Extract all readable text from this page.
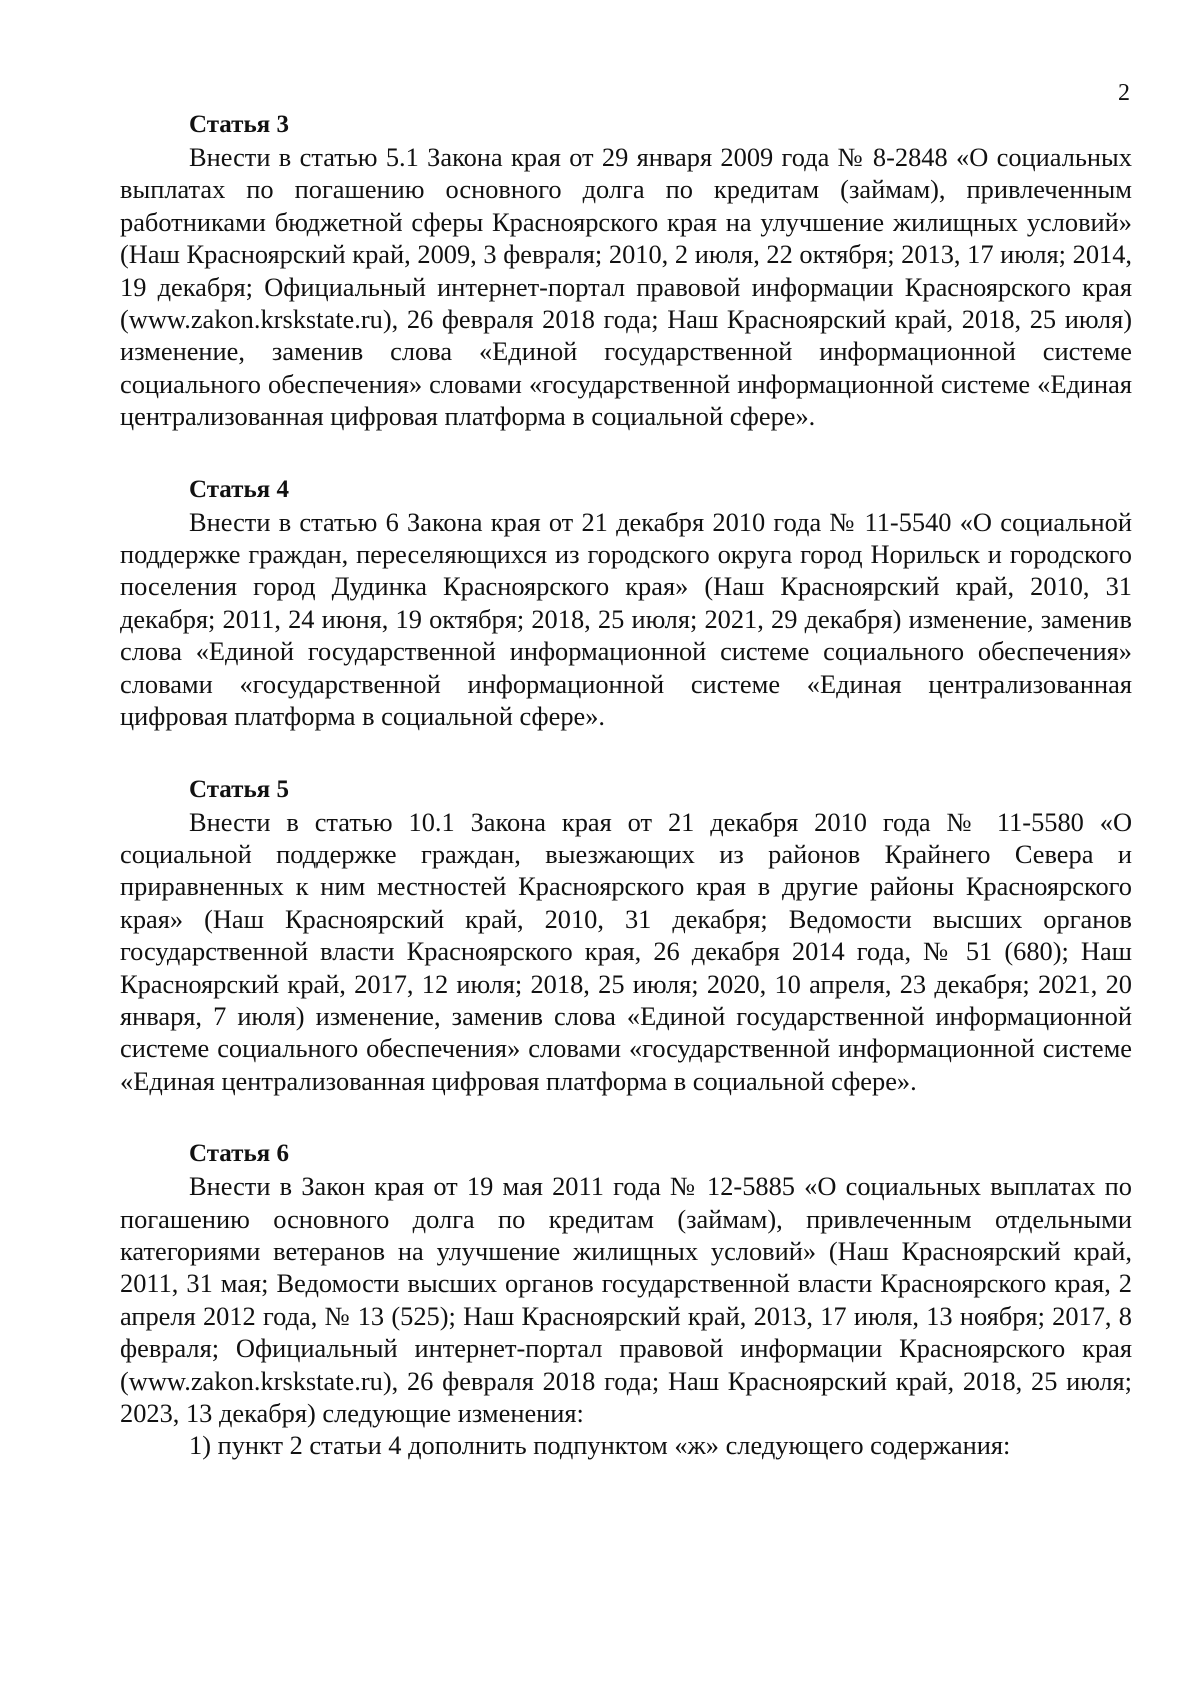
2
Статья 3

Внести в статью 5.1 Закона края от 29 января 2009 года № 8-2848 «О социальных выплатах по погашению основного долга по кредитам (займам), привлеченным работниками бюджетной сферы Красноярского края на улучшение жилищных условий» (Наш Красноярский край, 2009, 3 февраля; 2010, 2 июля, 22 октября; 2013, 17 июля; 2014, 19 декабря; Официальный интернет-портал правовой информации Красноярского края (www.zakon.krskstate.ru), 26 февраля 2018 года; Наш Красноярский край, 2018, 25 июля) изменение, заменив слова «Единой государственной информационной системе социального обеспечения» словами «государственной информационной системе «Единая централизованная цифровая платформа в социальной сфере».

Статья 4

Внести в статью 6 Закона края от 21 декабря 2010 года № 11-5540 «О социальной поддержке граждан, переселяющихся из городского округа город Норильск и городского поселения город Дудинка Красноярского края» (Наш Красноярский край, 2010, 31 декабря; 2011, 24 июня, 19 октября; 2018, 25 июля; 2021, 29 декабря) изменение, заменив слова «Единой государственной информационной системе социального обеспечения» словами «государственной информационной системе «Единая централизованная цифровая платформа в социальной сфере».

Статья 5

Внести в статью 10.1 Закона края от 21 декабря 2010 года № 11-5580 «О социальной поддержке граждан, выезжающих из районов Крайнего Севера и приравненных к ним местностей Красноярского края в другие районы Красноярского края» (Наш Красноярский край, 2010, 31 декабря; Ведомости высших органов государственной власти Красноярского края, 26 декабря 2014 года, № 51 (680); Наш Красноярский край, 2017, 12 июля; 2018, 25 июля; 2020, 10 апреля, 23 декабря; 2021, 20 января, 7 июля) изменение, заменив слова «Единой государственной информационной системе социального обеспечения» словами «государственной информационной системе «Единая централизованная цифровая платформа в социальной сфере».

Статья 6

Внести в Закон края от 19 мая 2011 года № 12-5885 «О социальных выплатах по погашению основного долга по кредитам (займам), привлеченным отдельными категориями ветеранов на улучшение жилищных условий» (Наш Красноярский край, 2011, 31 мая; Ведомости высших органов государственной власти Красноярского края, 2 апреля 2012 года, № 13 (525); Наш Красноярский край, 2013, 17 июля, 13 ноября; 2017, 8 февраля; Официальный интернет-портал правовой информации Красноярского края (www.zakon.krskstate.ru), 26 февраля 2018 года; Наш Красноярский край, 2018, 25 июля; 2023, 13 декабря) следующие изменения:

1) пункт 2 статьи 4 дополнить подпунктом «ж» следующего содержания:
